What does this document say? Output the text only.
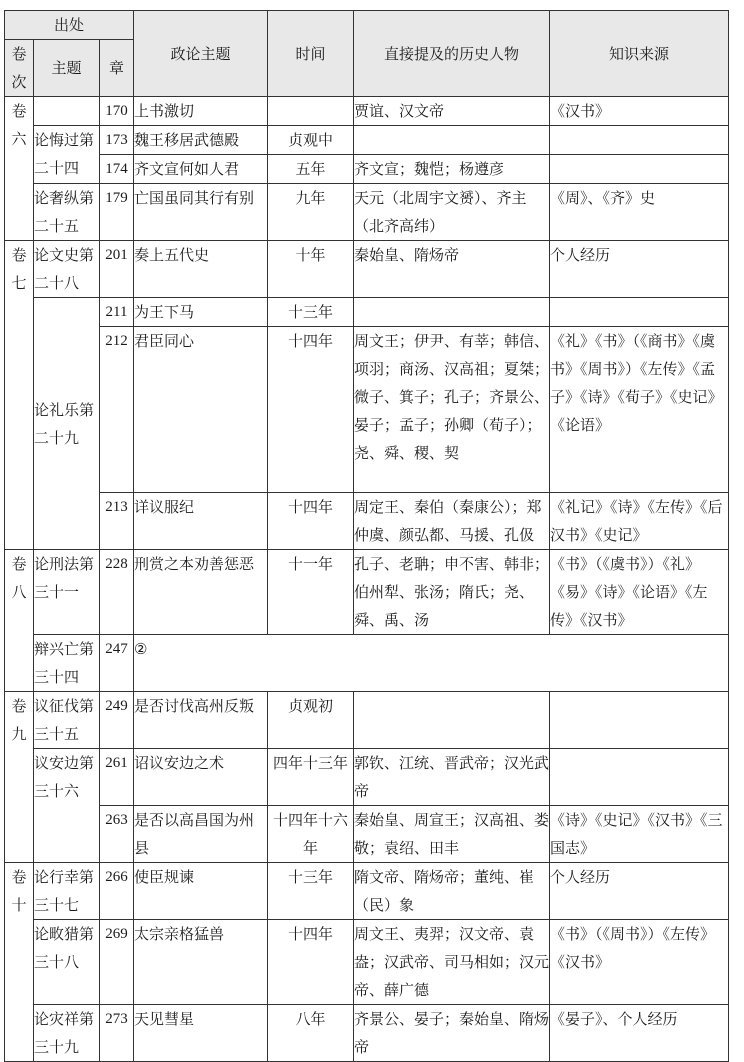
出处			政论主题	时间	直接提及的历史人物	知识来源
卷次	主题	章				

卷六		170	上书激切		贾谊、汉文帝	《汉书》
	论悔过第二十四	173	魏王移居武德殿	贞观中		
		174	齐文宣何如人君	五年	齐文宣；魏恺；杨遵彦	
	论奢纵第二十五	179	亡国虽同其行有别	九年	天元（北周宇文赟）、齐主（北齐高纬）	《周》、《齐》史

卷七	论文史第二十八	201	奏上五代史	十年	秦始皇、隋炀帝	个人经历
	论礼乐第二十九	211	为王下马	十三年		
		212	君臣同心	十四年	周文王；伊尹、有莘；韩信、项羽；商汤、汉高祖；夏桀；微子、箕子；孔子；齐景公、晏子；孟子；孙卿（荀子）；尧、舜、稷、契	《礼》《书》（《商书》《虞书》《周书》）《左传》《孟子》《诗》《荀子》《史记》《论语》
		213	详议服纪	十四年	周定王、秦伯（秦康公）；郑仲虞、颜弘都、马援、孔伋	《礼记》《诗》《左传》《后汉书》《史记》

卷八	论刑法第三十一	228	刑赏之本劝善惩恶	十一年	孔子、老聃；申不害、韩非；伯州犁、张汤；隋氏；尧、舜、禹、汤	《书》（《虞书》）《礼》《易》《诗》《论语》《左传》《汉书》
	辩兴亡第三十四	247	②			

卷九	议征伐第三十五	249	是否讨伐高州反叛	贞观初		
	议安边第三十六	261	诏议安边之术	四年十三年	郭钦、江统、晋武帝；汉光武帝	
		263	是否以高昌国为州县	十四年十六年	秦始皇、周宣王；汉高祖、娄敬；袁绍、田丰	《诗》《史记》《汉书》《三国志》

卷十	论行幸第三十七	266	使臣规谏	十三年	隋文帝、隋炀帝；董纯、崔（民）象	个人经历
	论畋猎第三十八	269	太宗亲格猛兽	十四年	周文王、夷羿；汉文帝、袁盎；汉武帝、司马相如；汉元帝、薛广德	《书》（《周书》）《左传》《汉书》
	论灾祥第三十九	273	天见彗星	八年	齐景公、晏子；秦始皇、隋炀帝	《晏子》、个人经历
